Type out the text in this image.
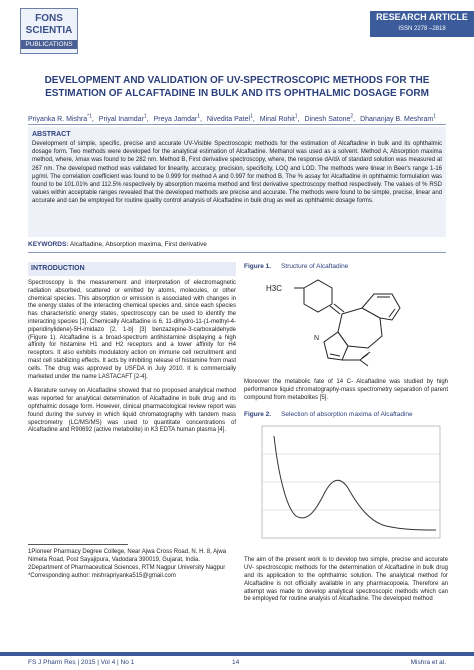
FONS
SCIENTIA
PUBLICATIONS
RESEARCH ARTICLE
ISSN 2278 –2818
DEVELOPMENT AND VALIDATION OF UV-SPECTROSCOPIC METHODS FOR THE ESTIMATION OF ALCAFTADINE IN BULK AND ITS OPHTHALMIC DOSAGE FORM
Priyanka R. Mishra$^{*1}$, Priyal Inamdar$^1$, Preya Jamdar$^1$, Nivedita Patel$^1$, Minal Rohit$^1$, Dinesh Satone$^2$, Dhananjay B. Meshram$^1$
ABSTRACT
Development of simple, specific, precise and accurate UV-Visible Spectroscopic methods for the estimation of Alcaftadine in bulk and its ophthalmic dosage form. Two methods were developed for the analytical estimation of Alcaftadine. Methanol was used as a solvent. Method A, Absorption maxima method, where, λmax was found to be 282 nm. Method B, First derivative spectroscopy, where, the response dA/dλ of standard solution was measured at 267 nm. The developed method was validated for linearity, accuracy, precision, specificity, LOQ and LOD. The methods were linear in Beer's range 1-16 µg/ml. The correlation coefficient was found to be 0.999 for method A and 0.997 for method B. The % assay for Alcaftadine in ophthalmic formulation was found to be 101.01% and 112.5% respectively by absorption maxima method and first derivative spectroscopy method respectively. The values of % RSD values within acceptable ranges revealed that the developed methods are precise and accurate. The methods were found to be simple, precise, linear and accurate and can be employed for routine quality control analysis of Alcaftadine in bulk drug as well as ophthalmic dosage forms.
KEYWORDS: Alcaftadine, Absorption maxima, First derivative
INTRODUCTION
Spectroscopy is the measurement and interpretation of electromagnetic radiation absorbed, scattered or emitted by atoms, molecules, or other chemical species. This absorption or emission is associated with changes in the energy states of the interacting chemical species and, since each species has characteristic energy states, spectroscopy can be used to identify the interacting species [1]. Chemically Alcaftadine is 6, 11-dihydro-11-(1-methyl-4-piperidinylidene)-5H-imidazo [2, 1-b] [3] benzazepine-3-carboxaldehyde (Figure 1). Alcaftadine is a broad-spectrum antihistamine displaying a high affinity for histamine H1 and H2 receptors and a lower affinity for H4 receptors. It also exhibits modulatory action on immune cell recruitment and mast cell stabilizing effects. It acts by inhibiting release of histamine from mast cells. The drug was approved by USFDA in July 2010. It is commercially marketed under the name LASTACAFT [2-4].
A literature survey on Alcaftadine showed that no proposed analytical method was reported for analytical determination of Alcaftadine in bulk drug and its ophthalmic dosage form. However, clinical pharmacological review report was found during the survey in which liquid chromatography with tandem mass spectrometry (LC/MS/MS) was used to quantitate concentrations of Alcaftadine and R90692 (active metabolite) in K3 EDTA human plasma [4].
1Pioneer Pharmacy Degree College, Near Ajwa Cross Road, N. H. 8, Ajwa Nimeta Road, Post Sayajipura, Vadodara 390019, Gujarat, India.
2Department of Pharmaceutical Sciences, RTM Nagpur University Nagpur
*Corresponding author: mishrapriyanka515@gmail.com
Figure 1. Structure of Alcaftadine
H3C
N
Moreover the metabolic fate of 14 C- Alcaftadine was studied by high performance liquid chromatography-mass spectrometry separation of parent compound from metabolites [5].
Figure 2. Selection of absorption maxima of Alcaftadine
The aim of the present work is to develop two simple, precise and accurate UV- spectroscopic methods for the determination of Alcaftadine in bulk drug and its application to the ophthalmic solution. The analytical method for Alcaftadine is not officially available in any pharmacopoeia. Therefore an attempt was made to develop analytical spectroscopic methods which can be employed for routine analysis of Alcaftadine. The developed method
FS J Pharm Res | 2015 | Vol 4 | No 1	14	Mishra et al.
